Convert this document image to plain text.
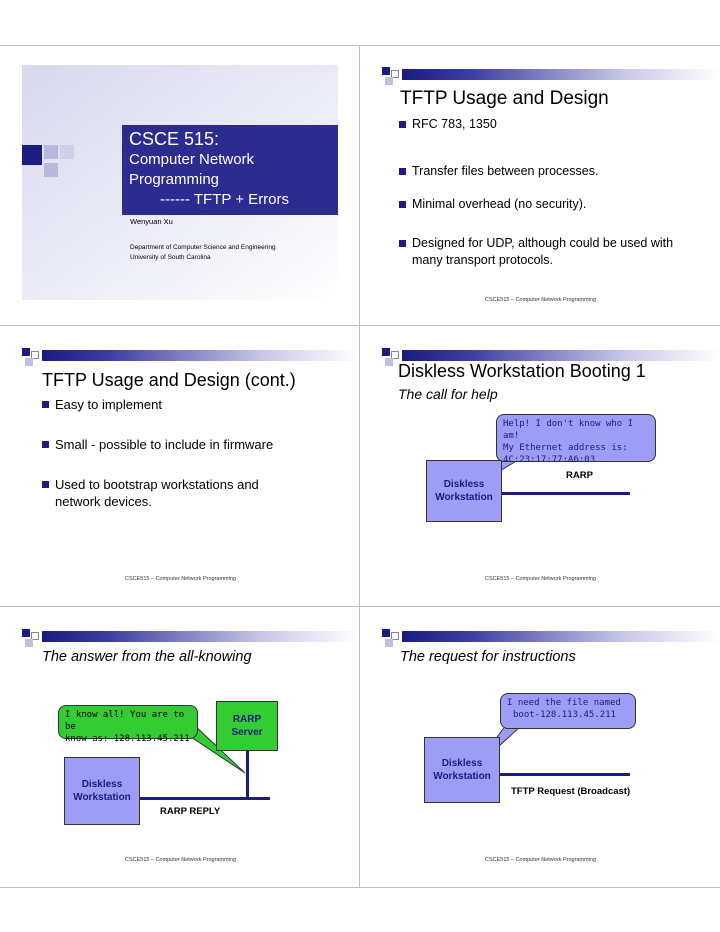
CSCE 515:
Computer Network
Programming
------ TFTP + Errors
Wenyuan Xu
Department of Computer Science and Engineering
University of South Carolina
TFTP Usage and Design
RFC 783, 1350
Transfer files between processes.
Minimal overhead (no security).
Designed for UDP, although could be used with many transport protocols.
CSCE515 – Computer Network Programming
TFTP Usage and Design (cont.)
Easy to implement
Small - possible to include in firmware
Used to bootstrap workstations and network devices.
CSCE515 – Computer Network Programming
Diskless Workstation Booting 1
The call for help
Help! I don't know who I am!
My Ethernet address is:
4C:23:17:77:A6:03
Diskless
Workstation
RARP
CSCE515 – Computer Network Programming
The answer from the all-knowing
I know all! You are to be
know as: 128.113.45.211
RARP
Server
Diskless
Workstation
RARP REPLY
CSCE515 – Computer Network Programming
The request for instructions
I need the file named
boot-128.113.45.211
Diskless
Workstation
TFTP Request (Broadcast)
CSCE515 – Computer Network Programming
